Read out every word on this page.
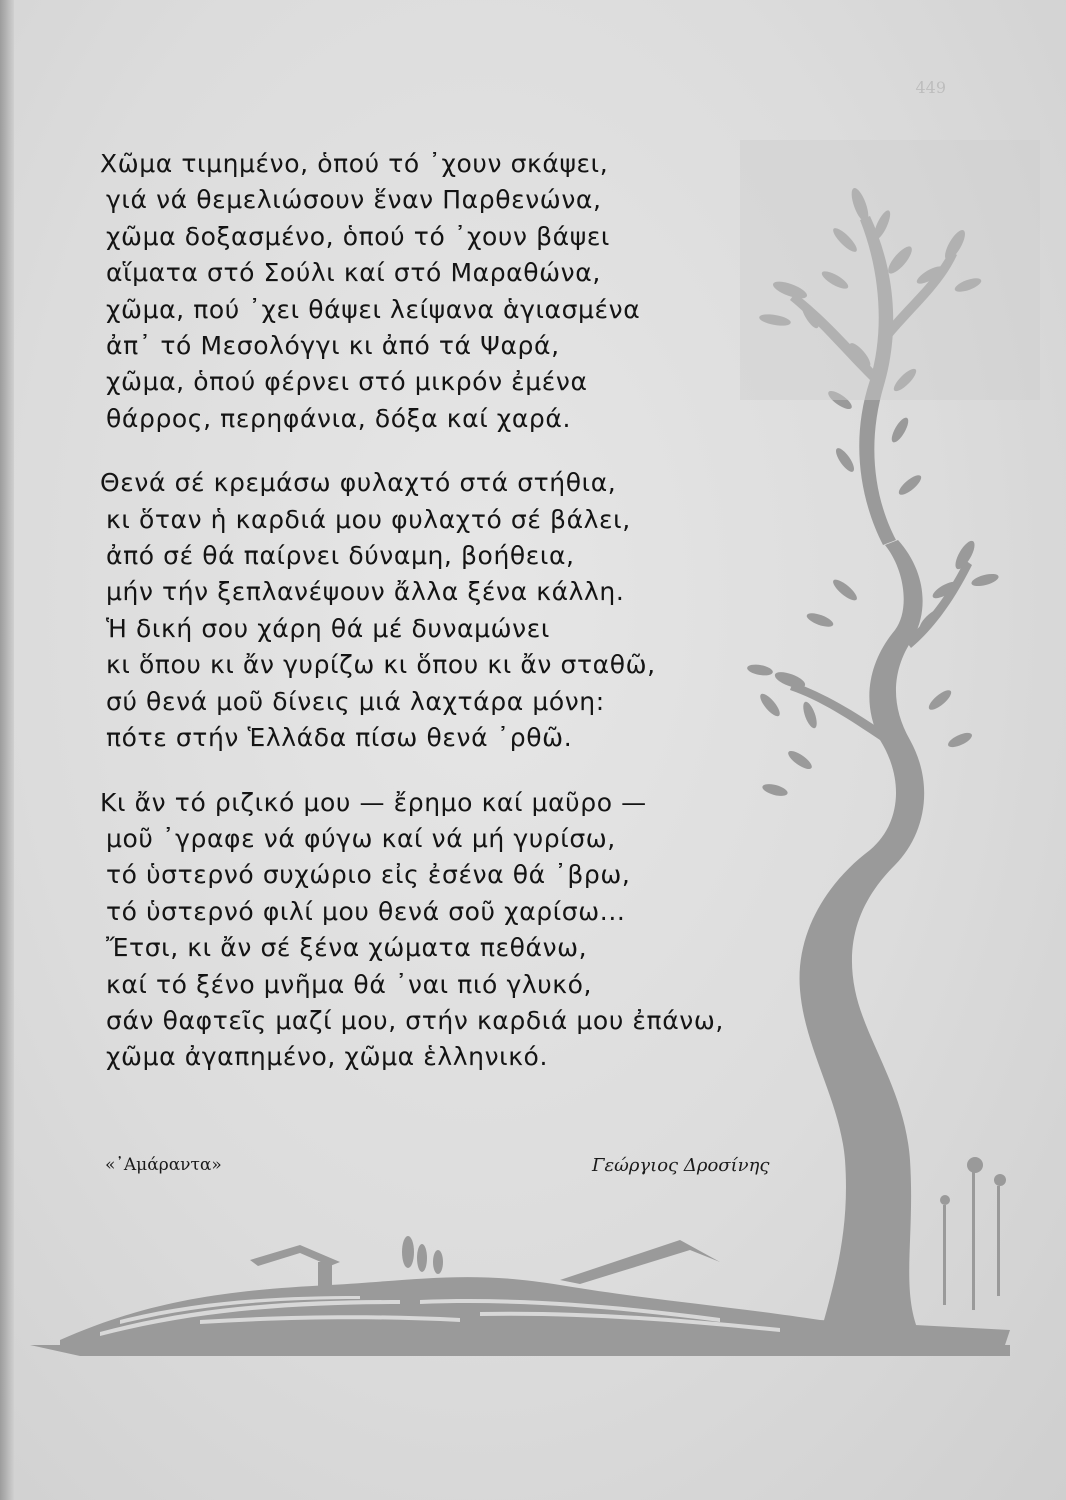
449
Χῶμα τιμημένο, ὁπού τό ᾽χουν σκάψει,
γιά νά θεμελιώσουν ἕναν Παρθενώνα,
χῶμα δοξασμένο, ὁπού τό ᾽χουν βάψει
αἵματα στό Σούλι καί στό Μαραθώνα,
χῶμα, πού ᾽χει θάψει λείψανα ἁγιασμένα
ἀπ᾽ τό Μεσολόγγι κι ἀπό τά Ψαρά,
χῶμα, ὁπού φέρνει στό μικρόν ἐμένα
θάρρος, περηφάνια, δόξα καί χαρά.
Θενά σέ κρεμάσω φυλαχτό στά στήθια,
κι ὅταν ἡ καρδιά μου φυλαχτό σέ βάλει,
ἀπό σέ θά παίρνει δύναμη, βοήθεια,
μήν τήν ξεπλανέψουν ἄλλα ξένα κάλλη.
Ἡ δική σου χάρη θά μέ δυναμώνει
κι ὅπου κι ἄν γυρίζω κι ὅπου κι ἄν σταθῶ,
σύ θενά μοῦ δίνεις μιά λαχτάρα μόνη:
πότε στήν Ἑλλάδα πίσω θενά ᾽ρθῶ.
Κι ἄν τό ριζικό μου — ἔρημο καί μαῦρο —
μοῦ ᾽γραφε νά φύγω καί νά μή γυρίσω,
τό ὑστερνό συχώριο εἰς ἐσένα θά ᾽βρω,
τό ὑστερνό φιλί μου θενά σοῦ χαρίσω...
Ἔτσι, κι ἄν σέ ξένα χώματα πεθάνω,
καί τό ξένο μνῆμα θά ᾽ναι πιό γλυκό,
σάν θαφτεῖς μαζί μου, στήν καρδιά μου ἐπάνω,
χῶμα ἀγαπημένο, χῶμα ἑλληνικό.
«᾽Αμάραντα»	Γεώργιος Δροσίνης
